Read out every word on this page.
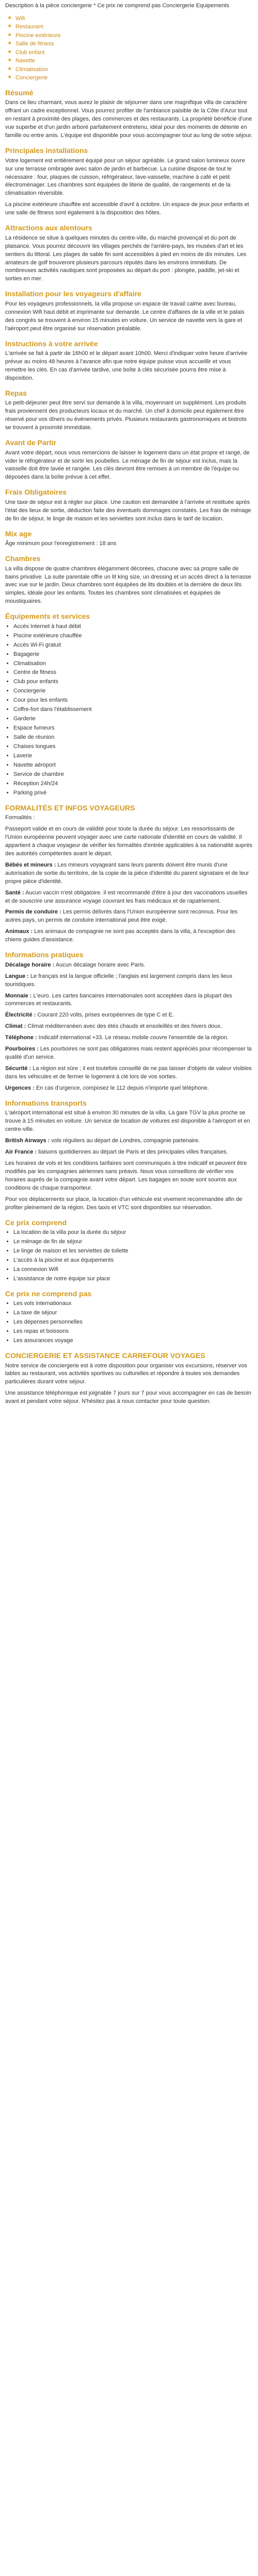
Description à la pièce conciergerie * Ce prix ne comprend pas Conciergerie Equipements

■ Wifi
■ Restaurant
■ Piscine extérieure
■ Salle de fitness
■ Club enfant
■ Navette
■ Climatisation
■ Conciergerie
Résumé

Dans ce lieu charmant, vous aurez le plaisir de séjourner dans une magnifique villa de caractère offrant un cadre exceptionnel. Vous pourrez profiter de l'ambiance paisible de la Côte d'Azur tout en restant à proximité des plages, des commerces et des restaurants. La propriété bénéficie d'une vue superbe et d'un jardin arboré parfaitement entretenu, idéal pour des moments de détente en famille ou entre amis. L'équipe est disponible pour vous accompagner tout au long de votre séjour.

Principales installations

Votre logement est entièrement équipé pour un séjour agréable. Le grand salon lumineux ouvre sur une terrasse ombragée avec salon de jardin et barbecue. La cuisine dispose de tout le nécessaire : four, plaques de cuisson, réfrigérateur, lave-vaisselle, machine à café et petit électroménager. Les chambres sont équipées de literie de qualité, de rangements et de la climatisation réversible.

La piscine extérieure chauffée est accessible d'avril à octobre. Un espace de jeux pour enfants et une salle de fitness sont également à la disposition des hôtes.

Attractions aux alentours

La résidence se situe à quelques minutes du centre-ville, du marché provençal et du port de plaisance. Vous pourrez découvrir les villages perchés de l'arrière-pays, les musées d'art et les sentiers du littoral. Les plages de sable fin sont accessibles à pied en moins de dix minutes. Les amateurs de golf trouveront plusieurs parcours réputés dans les environs immédiats. De nombreuses activités nautiques sont proposées au départ du port : plongée, paddle, jet-ski et sorties en mer.

Installation pour les voyageurs d'affaire

Pour les voyageurs professionnels, la villa propose un espace de travail calme avec bureau, connexion Wifi haut débit et imprimante sur demande. Le centre d'affaires de la ville et le palais des congrès se trouvent à environ 15 minutes en voiture. Un service de navette vers la gare et l'aéroport peut être organisé sur réservation préalable.

Instructions à votre arrivée

L'arrivée se fait à partir de 16h00 et le départ avant 10h00. Merci d'indiquer votre heure d'arrivée prévue au moins 48 heures à l'avance afin que notre équipe puisse vous accueillir et vous remettre les clés. En cas d'arrivée tardive, une boîte à clés sécurisée pourra être mise à disposition.

Repas

Le petit-déjeuner peut être servi sur demande à la villa, moyennant un supplément. Les produits frais proviennent des producteurs locaux et du marché. Un chef à domicile peut également être réservé pour vos dîners ou événements privés. Plusieurs restaurants gastronomiques et bistrots se trouvent à proximité immédiate.

Avant de Partir

Avant votre départ, nous vous remercions de laisser le logement dans un état propre et rangé, de vider le réfrigérateur et de sortir les poubelles. Le ménage de fin de séjour est inclus, mais la vaisselle doit être lavée et rangée. Les clés devront être remises à un membre de l'équipe ou déposées dans la boîte prévue à cet effet.

Frais Obligatoires

Une taxe de séjour est à régler sur place. Une caution est demandée à l'arrivée et restituée après l'état des lieux de sortie, déduction faite des éventuels dommages constatés. Les frais de ménage de fin de séjour, le linge de maison et les serviettes sont inclus dans le tarif de location.

Mix age

Âge minimum pour l'enregistrement : 18 ans

Chambres

La villa dispose de quatre chambres élégamment décorées, chacune avec sa propre salle de bains privative. La suite parentale offre un lit king size, un dressing et un accès direct à la terrasse avec vue sur le jardin. Deux chambres sont équipées de lits doubles et la dernière de deux lits simples, idéale pour les enfants. Toutes les chambres sont climatisées et équipées de moustiquaires.

Équipements et services
• Accès Internet à haut débit
• Piscine extérieure chauffée
• Accès Wi-Fi gratuit
• Bagagerie
• Climatisation
• Centre de fitness
• Club pour enfants
• Conciergerie
• Cour pour les enfants
• Coffre-fort dans l'établissement
• Garderie
• Espace fumeurs
• Salle de réunion
• Chaises longues
• Laverie
• Navette aéroport
• Service de chambre
• Réception 24h/24
• Parking privé
FORMALITÉS ET INFOS VOYAGEURS

Formalités :

Passeport valide et en cours de validité pour toute la durée du séjour. Les ressortissants de l'Union européenne peuvent voyager avec une carte nationale d'identité en cours de validité. Il appartient à chaque voyageur de vérifier les formalités d'entrée applicables à sa nationalité auprès des autorités compétentes avant le départ.

Bébés et mineurs : Les mineurs voyageant sans leurs parents doivent être munis d'une autorisation de sortie du territoire, de la copie de la pièce d'identité du parent signataire et de leur propre pièce d'identité.

Santé : Aucun vaccin n'est obligatoire. Il est recommandé d'être à jour des vaccinations usuelles et de souscrire une assurance voyage couvrant les frais médicaux et de rapatriement.

Permis de conduire : Les permis délivrés dans l'Union européenne sont reconnus. Pour les autres pays, un permis de conduire international peut être exigé.

Animaux : Les animaux de compagnie ne sont pas acceptés dans la villa, à l'exception des chiens guides d'assistance.

Informations pratiques

Décalage horaire : Aucun décalage horaire avec Paris.

Langue : Le français est la langue officielle ; l'anglais est largement compris dans les lieux touristiques.

Monnaie : L'euro. Les cartes bancaires internationales sont acceptées dans la plupart des commerces et restaurants.

Électricité : Courant 220 volts, prises européennes de type C et E.

Climat : Climat méditerranéen avec des étés chauds et ensoleillés et des hivers doux.

Téléphone : Indicatif international +33. Le réseau mobile couvre l'ensemble de la région.

Pourboires : Les pourboires ne sont pas obligatoires mais restent appréciés pour récompenser la qualité d'un service.

Sécurité : La région est sûre ; il est toutefois conseillé de ne pas laisser d'objets de valeur visibles dans les véhicules et de fermer le logement à clé lors de vos sorties.

Urgences : En cas d'urgence, composez le 112 depuis n'importe quel téléphone.

Informations transports

L'aéroport international est situé à environ 30 minutes de la villa. La gare TGV la plus proche se trouve à 15 minutes en voiture. Un service de location de voitures est disponible à l'aéroport et en centre-ville.

British Airways : vols réguliers au départ de Londres, compagnie partenaire.

Air France : liaisons quotidiennes au départ de Paris et des principales villes françaises.

Les horaires de vols et les conditions tarifaires sont communiqués à titre indicatif et peuvent être modifiés par les compagnies aériennes sans préavis. Nous vous conseillons de vérifier vos horaires auprès de la compagnie avant votre départ. Les bagages en soute sont soumis aux conditions de chaque transporteur.

Pour vos déplacements sur place, la location d'un véhicule est vivement recommandée afin de profiter pleinement de la région. Des taxis et VTC sont disponibles sur réservation.

Ce prix comprend
• La location de la villa pour la durée du séjour
• Le ménage de fin de séjour
• Le linge de maison et les serviettes de toilette
• L'accès à la piscine et aux équipements
• La connexion Wifi
• L'assistance de notre équipe sur place
Ce prix ne comprend pas
• Les vols internationaux
• La taxe de séjour
• Les dépenses personnelles
• Les repas et boissons
• Les assurances voyage
CONCIERGERIE ET ASSISTANCE CARREFOUR VOYAGES

Notre service de conciergerie est à votre disposition pour organiser vos excursions, réserver vos tables au restaurant, vos activités sportives ou culturelles et répondre à toutes vos demandes particulières durant votre séjour.

Une assistance téléphonique est joignable 7 jours sur 7 pour vous accompagner en cas de besoin avant et pendant votre séjour. N'hésitez pas à nous contacter pour toute question.
